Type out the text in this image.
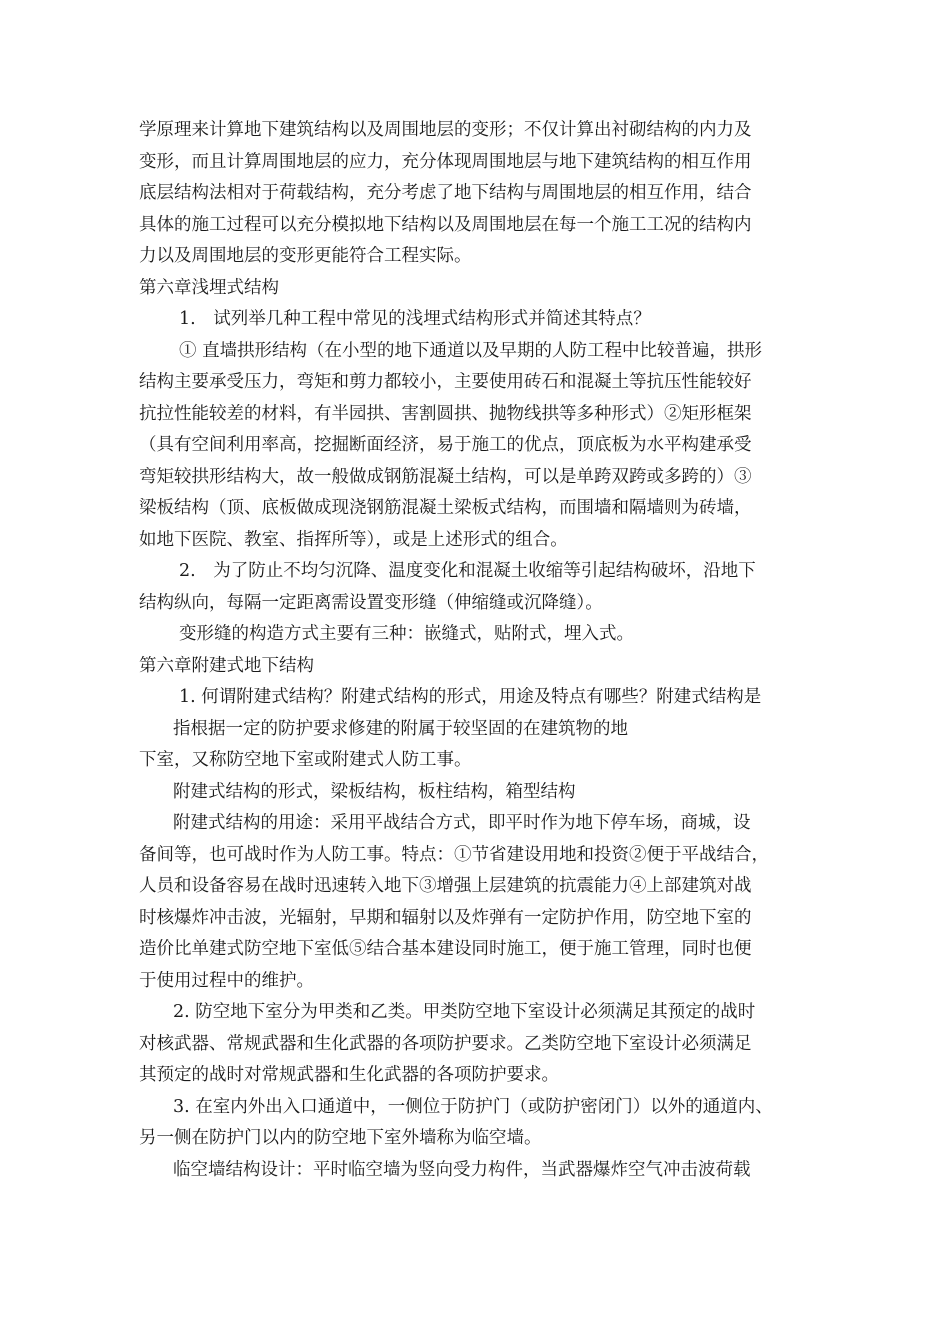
学原理来计算地下建筑结构以及周围地层的变形；不仅计算出衬砌结构的内力及
变形，而且计算周围地层的应力，充分体现周围地层与地下建筑结构的相互作用
底层结构法相对于荷载结构，充分考虑了地下结构与周围地层的相互作用，结合
具体的施工过程可以充分模拟地下结构以及周围地层在每一个施工工况的结构内
力以及周围地层的变形更能符合工程实际。
第六章浅埋式结构
1.　试列举几种工程中常见的浅埋式结构形式并简述其特点？
① 直墙拱形结构（在小型的地下通道以及早期的人防工程中比较普遍，拱形
结构主要承受压力，弯矩和剪力都较小，主要使用砖石和混凝土等抗压性能较好
抗拉性能较差的材料，有半园拱、害割圆拱、抛物线拱等多种形式）②矩形框架
（具有空间利用率高，挖掘断面经济，易于施工的优点，顶底板为水平构建承受
弯矩较拱形结构大，故一般做成钢筋混凝土结构，可以是单跨双跨或多跨的）③
梁板结构（顶、底板做成现浇钢筋混凝土梁板式结构，而围墙和隔墙则为砖墙，
如地下医院、教室、指挥所等），或是上述形式的组合。
2.　为了防止不均匀沉降、温度变化和混凝土收缩等引起结构破坏，沿地下
结构纵向，每隔一定距离需设置变形缝（伸缩缝或沉降缝）。
变形缝的构造方式主要有三种：嵌缝式，贴附式，埋入式。
第六章附建式地下结构
1. 何谓附建式结构？附建式结构的形式，用途及特点有哪些？附建式结构是
指根据一定的防护要求修建的附属于较坚固的在建筑物的地
下室，又称防空地下室或附建式人防工事。
附建式结构的形式，梁板结构，板柱结构，箱型结构
附建式结构的用途：采用平战结合方式，即平时作为地下停车场，商城，设
备间等，也可战时作为人防工事。特点：①节省建设用地和投资②便于平战结合，
人员和设备容易在战时迅速转入地下③增强上层建筑的抗震能力④上部建筑对战
时核爆炸冲击波，光辐射，早期和辐射以及炸弹有一定防护作用，防空地下室的
造价比单建式防空地下室低⑤结合基本建设同时施工，便于施工管理，同时也便
于使用过程中的维护。
2. 防空地下室分为甲类和乙类。甲类防空地下室设计必须满足其预定的战时
对核武器、常规武器和生化武器的各项防护要求。乙类防空地下室设计必须满足
其预定的战时对常规武器和生化武器的各项防护要求。
3. 在室内外出入口通道中，一侧位于防护门（或防护密闭门）以外的通道内、
另一侧在防护门以内的防空地下室外墙称为临空墙。
临空墙结构设计：平时临空墙为竖向受力构件，当武器爆炸空气冲击波荷载
